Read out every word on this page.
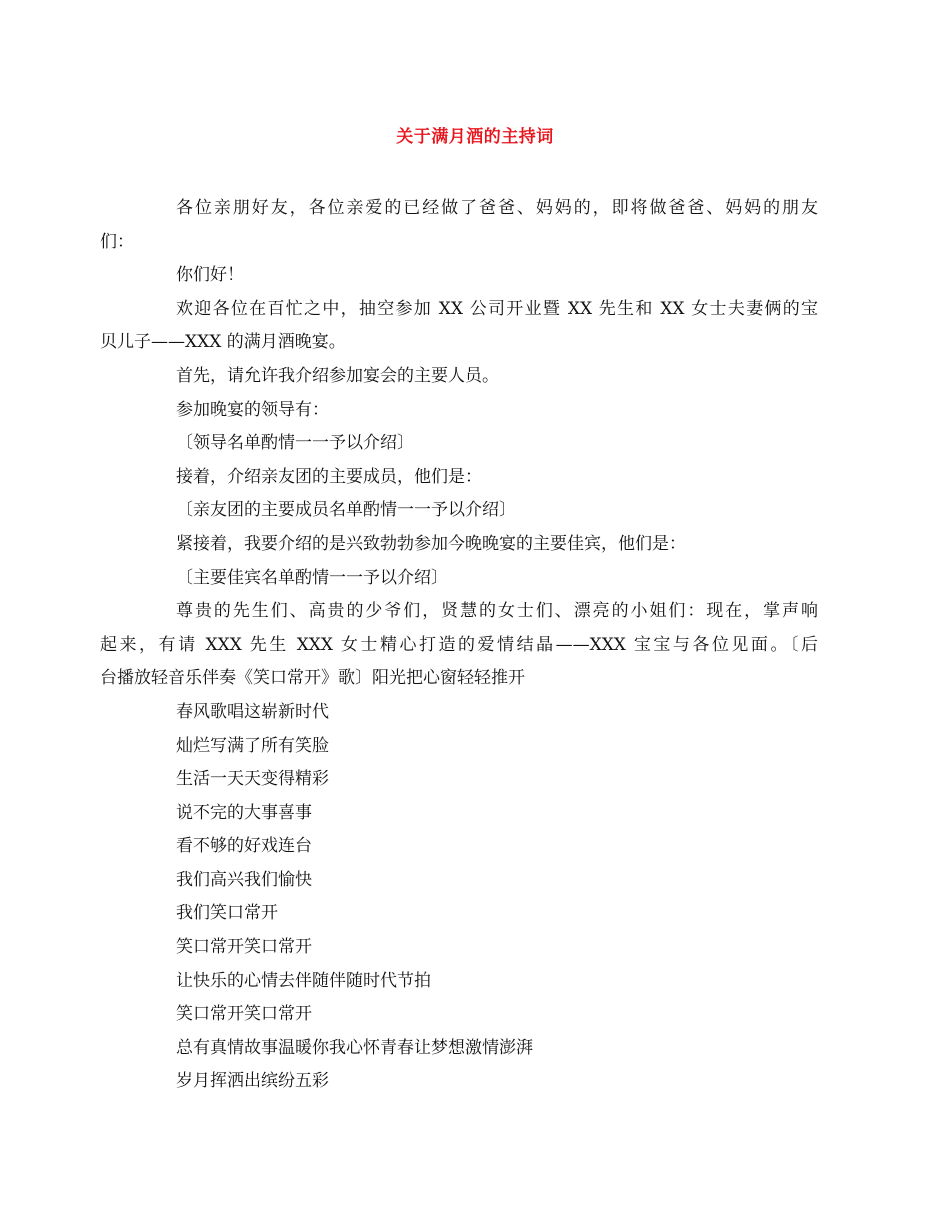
关于满月酒的主持词
各位亲朋好友，各位亲爱的已经做了爸爸、妈妈的，即将做爸爸、妈妈的朋友
们：
你们好！
欢迎各位在百忙之中，抽空参加 XX 公司开业暨 XX 先生和 XX 女士夫妻俩的宝
贝儿子——XXX 的满月酒晚宴。
首先，请允许我介绍参加宴会的主要人员。
参加晚宴的领导有：
〔领导名单酌情一一予以介绍〕
接着，介绍亲友团的主要成员，他们是：
〔亲友团的主要成员名单酌情一一予以介绍〕
紧接着，我要介绍的是兴致勃勃参加今晚晚宴的主要佳宾，他们是：
〔主要佳宾名单酌情一一予以介绍〕
尊贵的先生们、高贵的少爷们，贤慧的女士们、漂亮的小姐们：现在，掌声响
起来，有请 XXX 先生 XXX 女士精心打造的爱情结晶——XXX 宝宝与各位见面。〔后
台播放轻音乐伴奏《笑口常开》歌〕阳光把心窗轻轻推开
春风歌唱这崭新时代
灿烂写满了所有笑脸
生活一天天变得精彩
说不完的大事喜事
看不够的好戏连台
我们高兴我们愉快
我们笑口常开
笑口常开笑口常开
让快乐的心情去伴随伴随时代节拍
笑口常开笑口常开
总有真情故事温暖你我心怀青春让梦想激情澎湃
岁月挥洒出缤纷五彩
